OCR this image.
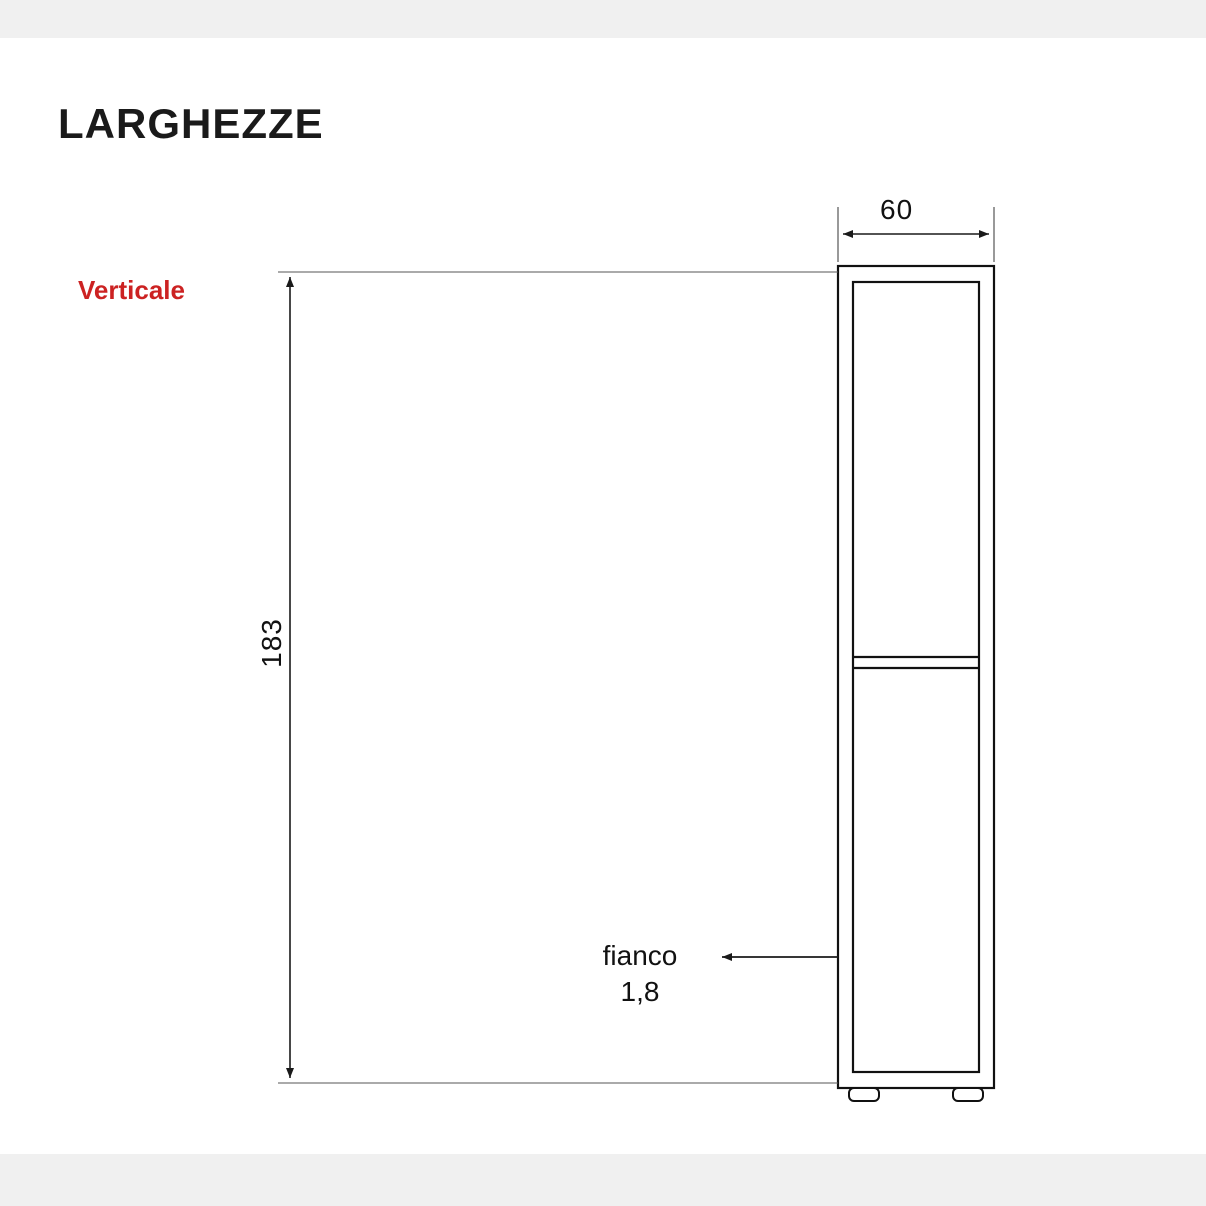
LARGHEZZE
Verticale
60
183
fianco
1,8
